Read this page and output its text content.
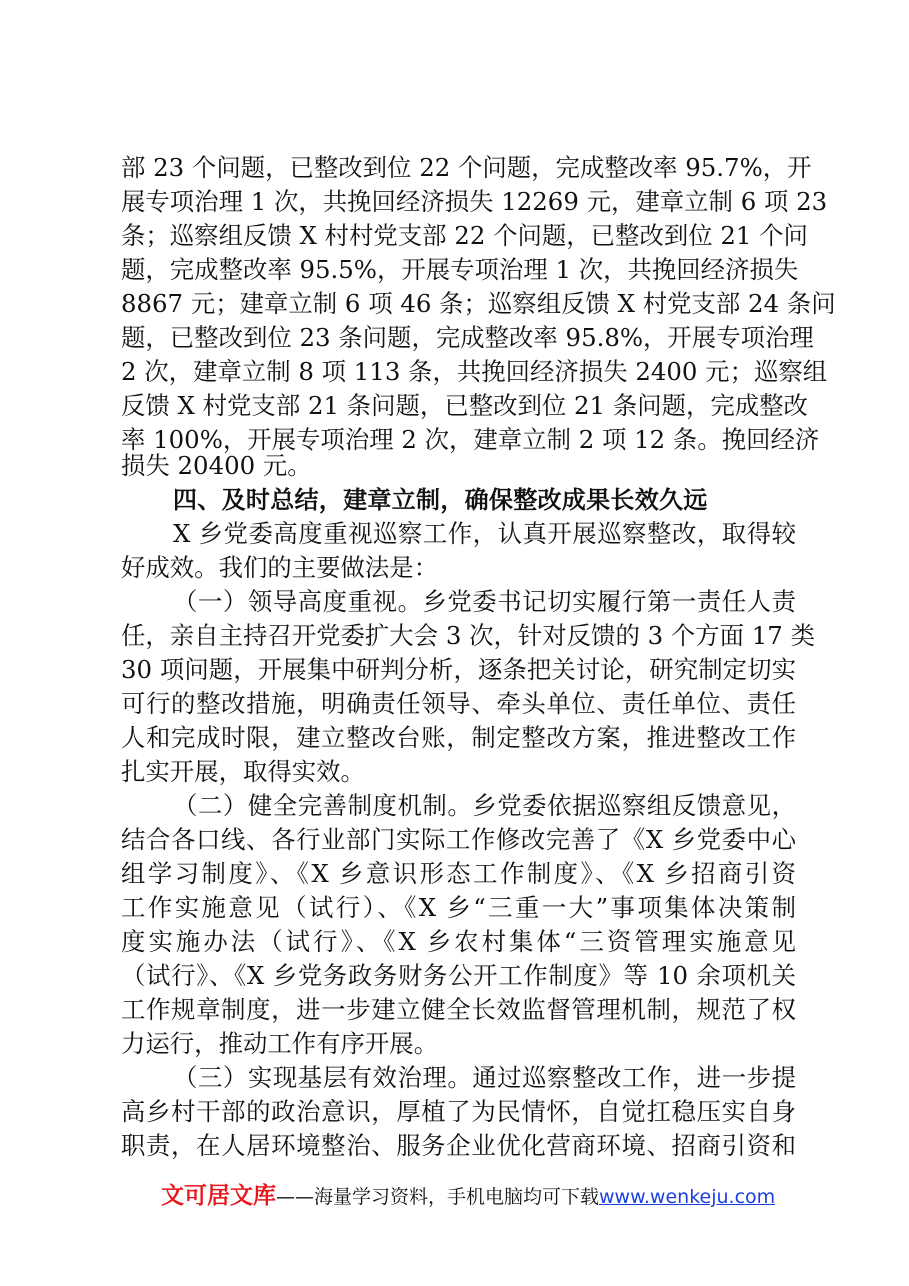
部 23 个问题，已整改到位 22 个问题，完成整改率 95.7%，开
展专项治理 1 次，共挽回经济损失 12269 元，建章立制 6 项 23
条；巡察组反馈 X 村村党支部 22 个问题，已整改到位 21 个问
题，完成整改率 95.5%，开展专项治理 1 次，共挽回经济损失
8867 元；建章立制 6 项 46 条；巡察组反馈 X 村党支部 24 条问
题，已整改到位 23 条问题，完成整改率 95.8%，开展专项治理
2 次，建章立制 8 项 113 条，共挽回经济损失 2400 元；巡察组
反馈 X 村党支部 21 条问题，已整改到位 21 条问题，完成整改
率 100%，开展专项治理 2 次，建章立制 2 项 12 条。挽回经济
损失 20400 元。
四、及时总结，建章立制，确保整改成果长效久远
X 乡党委高度重视巡察工作，认真开展巡察整改，取得较
好成效。我们的主要做法是：
（一）领导高度重视。乡党委书记切实履行第一责任人责
任，亲自主持召开党委扩大会 3 次，针对反馈的 3 个方面 17 类
30 项问题，开展集中研判分析，逐条把关讨论，研究制定切实
可行的整改措施，明确责任领导、牵头单位、责任单位、责任
人和完成时限，建立整改台账，制定整改方案，推进整改工作
扎实开展，取得实效。
（二）健全完善制度机制。乡党委依据巡察组反馈意见，
结合各口线、各行业部门实际工作修改完善了《X 乡党委中心
组学习制度》、《X 乡意识形态工作制度》、《X 乡招商引资
工作实施意见（试行）、《X 乡“三重一大”事项集体决策制
度实施办法（试行》、《X 乡农村集体“三资管理实施意见
（试行》、《X 乡党务政务财务公开工作制度》等 10 余项机关
工作规章制度，进一步建立健全长效监督管理机制，规范了权
力运行，推动工作有序开展。
（三）实现基层有效治理。通过巡察整改工作，进一步提
高乡村干部的政治意识，厚植了为民情怀，自觉扛稳压实自身
职责，在人居环境整治、服务企业优化营商环境、招商引资和
文可居文库——海量学习资料，手机电脑均可下载www.wenkeju.com
